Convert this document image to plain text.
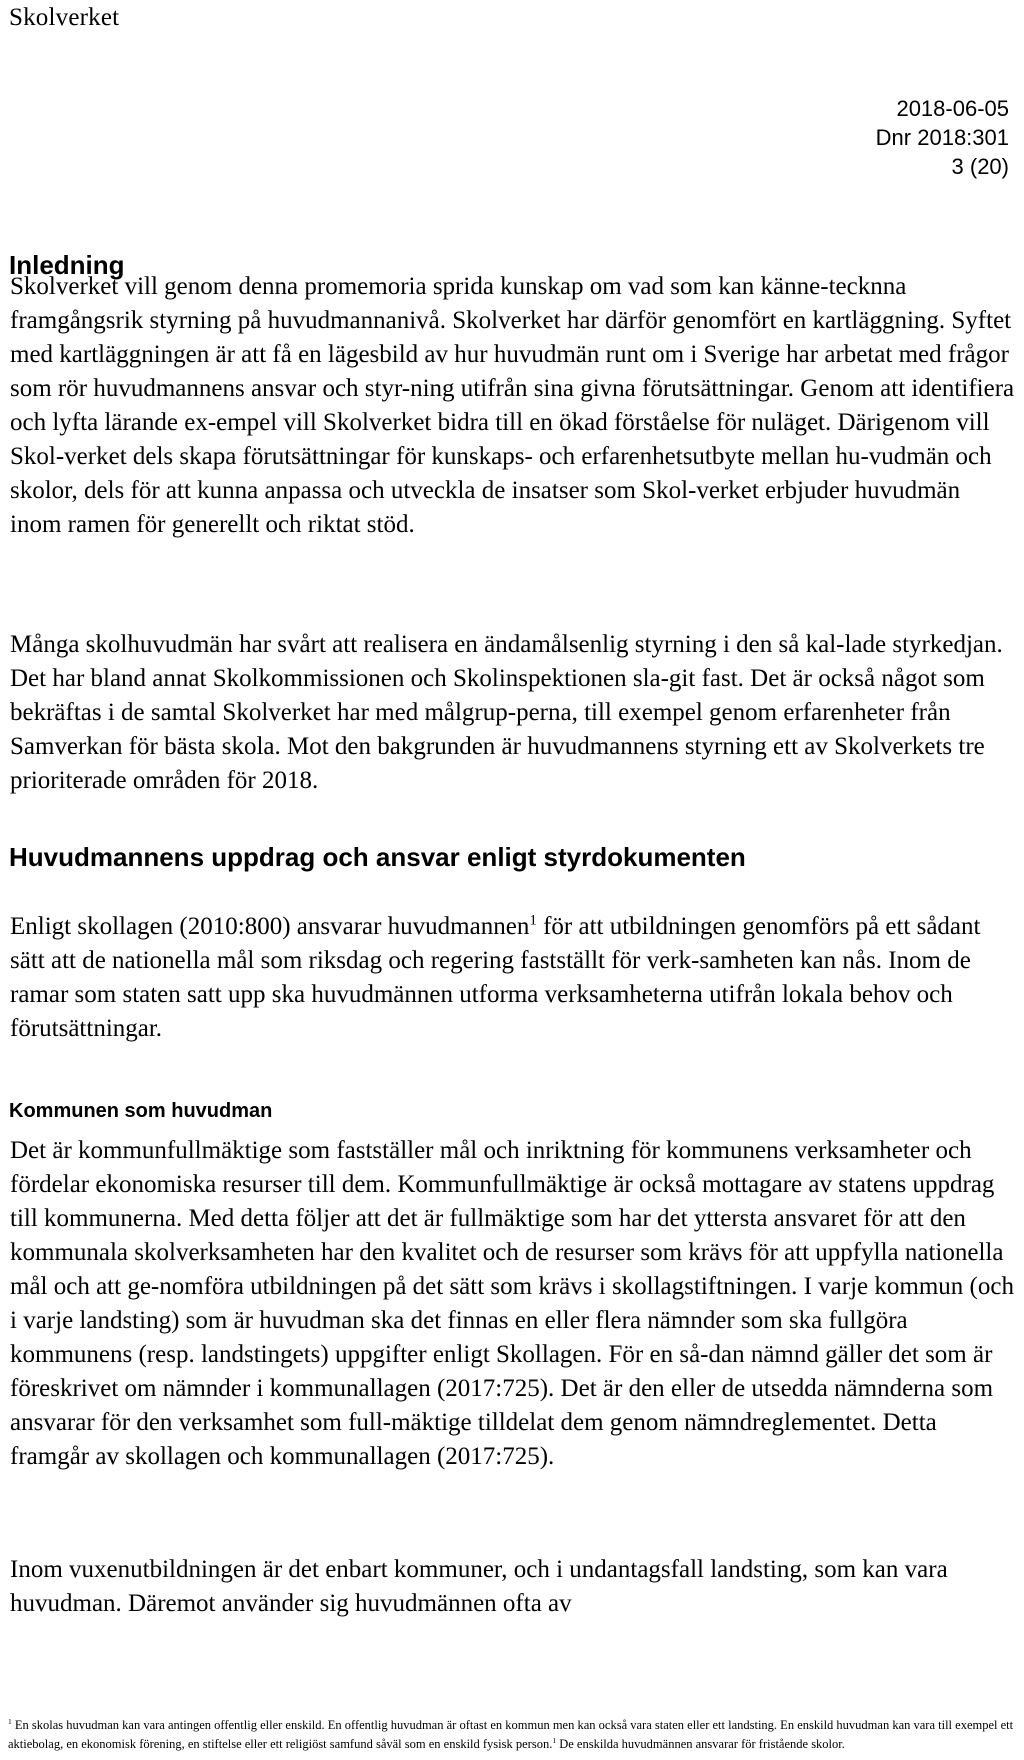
Skolverket
2018-06-05
Dnr 2018:301
3 (20)
Inledning

Skolverket vill genom denna promemoria sprida kunskap om vad som kan känne-tecknna framgångsrik styrning på huvudmannanivå. Skolverket har därför genomfört en kartläggning. Syftet med kartläggningen är att få en lägesbild av hur huvudmän runt om i Sverige har arbetat med frågor som rör huvudmannens ansvar och styr-ning utifrån sina givna förutsättningar. Genom att identifiera och lyfta lärande ex-empel vill Skolverket bidra till en ökad förståelse för nuläget. Därigenom vill Skol-verket dels skapa förutsättningar för kunskaps- och erfarenhetsutbyte mellan hu-vudmän och skolor, dels för att kunna anpassa och utveckla de insatser som Skol-verket erbjuder huvudmän inom ramen för generellt och riktat stöd.

Många skolhuvudmän har svårt att realisera en ändamålsenlig styrning i den så kal-lade styrkedjan. Det har bland annat Skolkommissionen och Skolinspektionen sla-git fast. Det är också något som bekräftas i de samtal Skolverket har med målgrup-perna, till exempel genom erfarenheter från Samverkan för bästa skola. Mot den bakgrunden är huvudmannens styrning ett av Skolverkets tre prioriterade områden för 2018.

Huvudmannens uppdrag och ansvar enligt styrdokumenten

Enligt skollagen (2010:800) ansvarar huvudmannen$^1$ för att utbildningen genomförs på ett sådant sätt att de nationella mål som riksdag och regering fastställt för verk-samheten kan nås. Inom de ramar som staten satt upp ska huvudmännen utforma verksamheterna utifrån lokala behov och förutsättningar.

Kommunen som huvudman

Det är kommunfullmäktige som fastställer mål och inriktning för kommunens verksamheter och fördelar ekonomiska resurser till dem. Kommunfullmäktige är också mottagare av statens uppdrag till kommunerna. Med detta följer att det är fullmäktige som har det yttersta ansvaret för att den kommunala skolverksamheten har den kvalitet och de resurser som krävs för att uppfylla nationella mål och att ge-nomföra utbildningen på det sätt som krävs i skollagstiftningen. I varje kommun (och i varje landsting) som är huvudman ska det finnas en eller flera nämnder som ska fullgöra kommunens (resp. landstingets) uppgifter enligt Skollagen. För en så-dan nämnd gäller det som är föreskrivet om nämnder i kommunallagen (2017:725). Det är den eller de utsedda nämnderna som ansvarar för den verksamhet som full-mäktige tilldelat dem genom nämndreglementet. Detta framgår av skollagen och kommunallagen (2017:725).

Inom vuxenutbildningen är det enbart kommuner, och i undantagsfall landsting, som kan vara huvudman. Däremot använder sig huvudmännen ofta av

$^1$ En skolas huvudman kan vara antingen offentlig eller enskild. En offentlig huvudman är oftast en kommun men kan också vara staten eller ett landsting. En enskild huvudman kan vara till exempel ett aktiebolag, en ekonomisk förening, en stiftelse eller ett religiöst samfund såväl som en enskild fysisk person.$^1$ De enskilda huvudmännen ansvarar för fristående skolor.
